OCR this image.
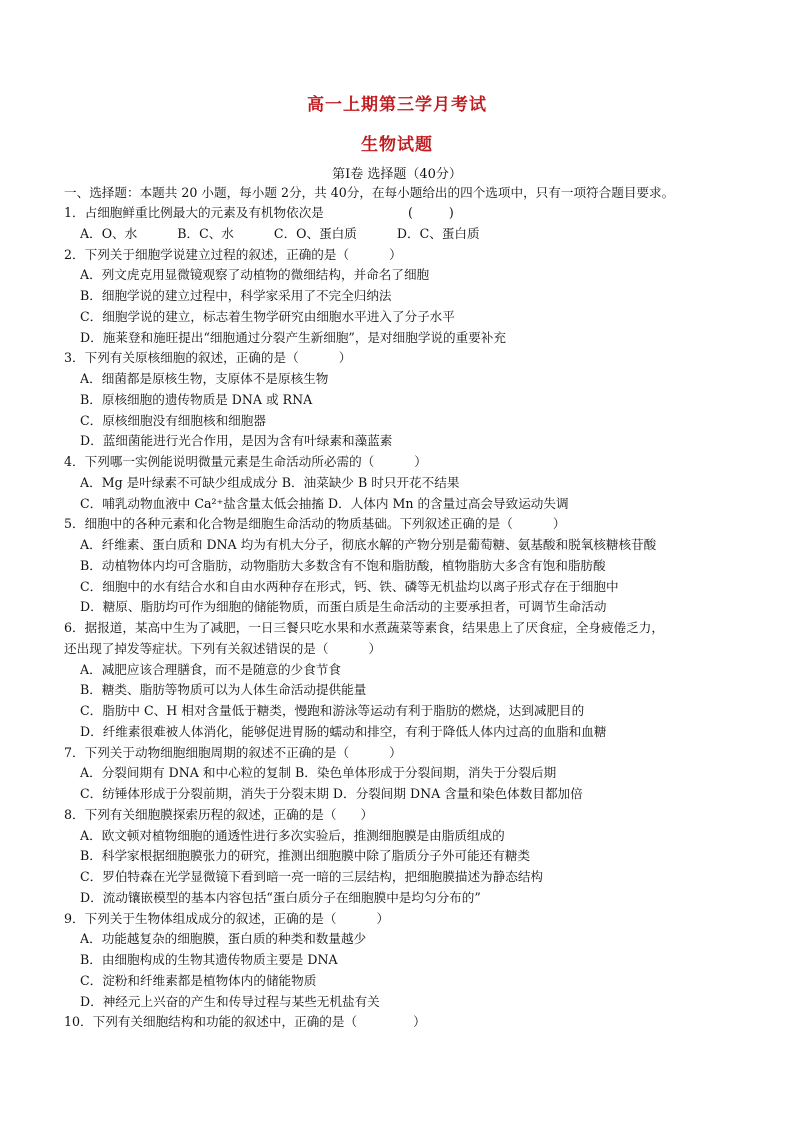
高一上期第三学月考试
生物试题
第Ⅰ卷 选择题（40分）
一、选择题：本题共 20 小题，每小题 2分，共 40分，在每小题给出的四个选项中，只有一项符合题目要求。
1．占细胞鲜重比例最大的元素及有机物依次是                     (         )
A．O、水          B．C、水          C．O、蛋白质          D．C、蛋白质
2．下列关于细胞学说建立过程的叙述，正确的是（          ）
A．列文虎克用显微镜观察了动植物的微细结构，并命名了细胞
B．细胞学说的建立过程中，科学家采用了不完全归纳法
C．细胞学说的建立，标志着生物学研究由细胞水平进入了分子水平
D．施莱登和施旺提出“细胞通过分裂产生新细胞”，是对细胞学说的重要补充
3．下列有关原核细胞的叙述，正确的是（          ）
A．细菌都是原核生物，支原体不是原核生物
B．原核细胞的遗传物质是 DNA 或 RNA
C．原核细胞没有细胞核和细胞器
D．蓝细菌能进行光合作用，是因为含有叶绿素和藻蓝素
4．下列哪一实例能说明微量元素是生命活动所必需的（          ）
A．Mg 是叶绿素不可缺少组成成分 B．油菜缺少 B 时只开花不结果
C．哺乳动物血液中 Ca²⁺盐含量太低会抽搐 D．人体内 Mn 的含量过高会导致运动失调
5．细胞中的各种元素和化合物是细胞生命活动的物质基础。下列叙述正确的是（          ）
A．纤维素、蛋白质和 DNA 均为有机大分子，彻底水解的产物分别是葡萄糖、氨基酸和脱氧核糖核苷酸
B．动植物体内均可含脂肪，动物脂肪大多数含有不饱和脂肪酸，植物脂肪大多含有饱和脂肪酸
C．细胞中的水有结合水和自由水两种存在形式，钙、铁、磷等无机盐均以离子形式存在于细胞中
D．糖原、脂肪均可作为细胞的储能物质，而蛋白质是生命活动的主要承担者，可调节生命活动
6．据报道，某高中生为了减肥，一日三餐只吃水果和水煮蔬菜等素食，结果患上了厌食症，全身疲倦乏力，
还出现了掉发等症状。下列有关叙述错误的是（          ）
A．减肥应该合理膳食，而不是随意的少食节食
B．糖类、脂肪等物质可以为人体生命活动提供能量
C．脂肪中 C、H 相对含量低于糖类，慢跑和游泳等运动有利于脂肪的燃烧，达到减肥目的
D．纤维素很难被人体消化，能够促进胃肠的蠕动和排空，有利于降低人体内过高的血脂和血糖
7．下列关于动物细胞细胞周期的叙述不正确的是（          ）
A．分裂间期有 DNA 和中心粒的复制 B．染色单体形成于分裂间期，消失于分裂后期
C．纺锤体形成于分裂前期，消失于分裂末期 D．分裂间期 DNA 含量和染色体数目都加倍
8．下列有关细胞膜探索历程的叙述，正确的是（      ）
A．欧文顿对植物细胞的通透性进行多次实验后，推测细胞膜是由脂质组成的
B．科学家根据细胞膜张力的研究，推测出细胞膜中除了脂质分子外可能还有糖类
C．罗伯特森在光学显微镜下看到暗一亮一暗的三层结构，把细胞膜描述为静态结构
D．流动镶嵌模型的基本内容包括“蛋白质分子在细胞膜中是均匀分布的”
9．下列关于生物体组成成分的叙述，正确的是（          ）
A．功能越复杂的细胞膜，蛋白质的种类和数量越少
B．由细胞构成的生物其遗传物质主要是 DNA
C．淀粉和纤维素都是植物体内的储能物质
D．神经元上兴奋的产生和传导过程与某些无机盐有关
10．下列有关细胞结构和功能的叙述中，正确的是（              ）
